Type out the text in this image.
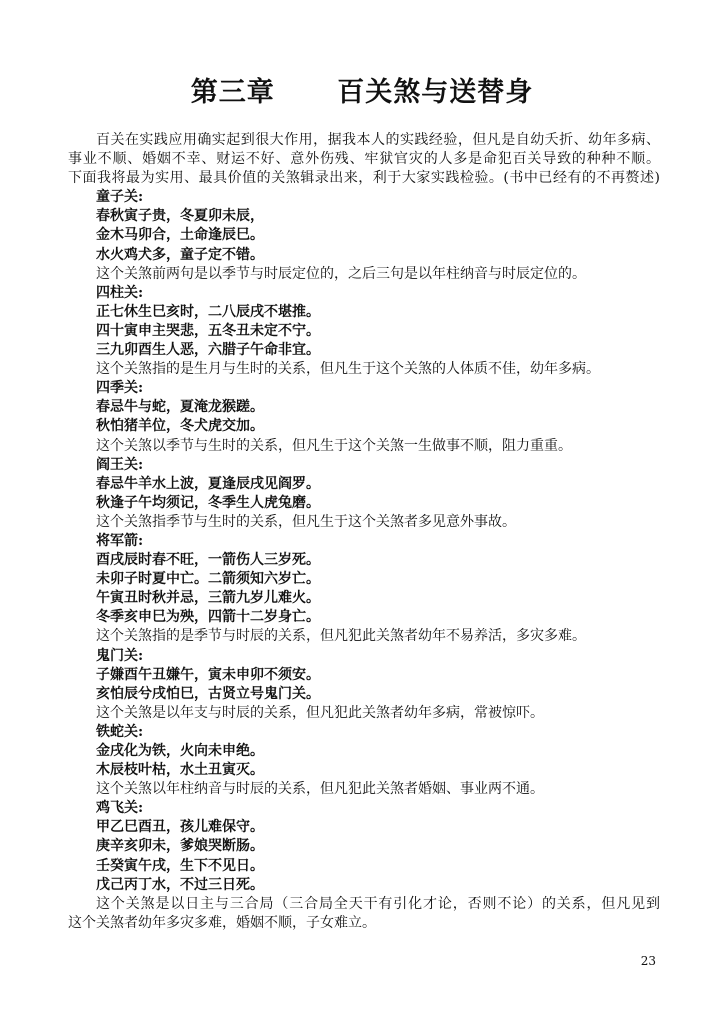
第三章      百关煞与送替身
百关在实践应用确实起到很大作用，据我本人的实践经验，但凡是自幼夭折、幼年多病、
事业不顺、婚姻不幸、财运不好、意外伤残、牢狱官灾的人多是命犯百关导致的种种不顺。
下面我将最为实用、最具价值的关煞辑录出来，利于大家实践检验。(书中已经有的不再赘述)
童子关:
春秋寅子贵，冬夏卯未辰，
金木马卯合，土命逢辰巳。
水火鸡犬多，童子定不错。
这个关煞前两句是以季节与时辰定位的，之后三句是以年柱纳音与时辰定位的。
四柱关:
正七休生巳亥时，二八辰戌不堪推。
四十寅申主哭悲，五冬丑未定不宁。
三九卯酉生人恶，六腊子午命非宜。
这个关煞指的是生月与生时的关系，但凡生于这个关煞的人体质不佳，幼年多病。
四季关:
春忌牛与蛇，夏淹龙猴蹉。
秋怕猪羊位，冬犬虎交加。
这个关煞以季节与生时的关系，但凡生于这个关煞一生做事不顺，阻力重重。
阎王关:
春忌牛羊水上波，夏逢辰戌见阎罗。
秋逢子午均须记，冬季生人虎兔磨。
这个关煞指季节与生时的关系，但凡生于这个关煞者多见意外事故。
将军箭:
酉戌辰时春不旺，一箭伤人三岁死。
未卯子时夏中亡。二箭须知六岁亡。
午寅丑时秋并忌，三箭九岁儿难火。
冬季亥申巳为殃，四箭十二岁身亡。
这个关煞指的是季节与时辰的关系，但凡犯此关煞者幼年不易养活，多灾多难。
鬼门关:
子嫌酉午丑嫌午，寅未申卯不须安。
亥怕辰兮戌怕巳，古贤立号鬼门关。
这个关煞是以年支与时辰的关系，但凡犯此关煞者幼年多病，常被惊吓。
铁蛇关:
金戌化为铁，火向未申绝。
木辰枝叶枯，水土丑寅灭。
这个关煞以年柱纳音与时辰的关系，但凡犯此关煞者婚姻、事业两不通。
鸡飞关:
甲乙巳酉丑，孩儿难保守。
庚辛亥卯未，爹娘哭断肠。
壬癸寅午戌，生下不见日。
戊己丙丁水，不过三日死。
这个关煞是以日主与三合局（三合局全天干有引化才论，否则不论）的关系，但凡见到
这个关煞者幼年多灾多难，婚姻不顺，子女难立。
23
